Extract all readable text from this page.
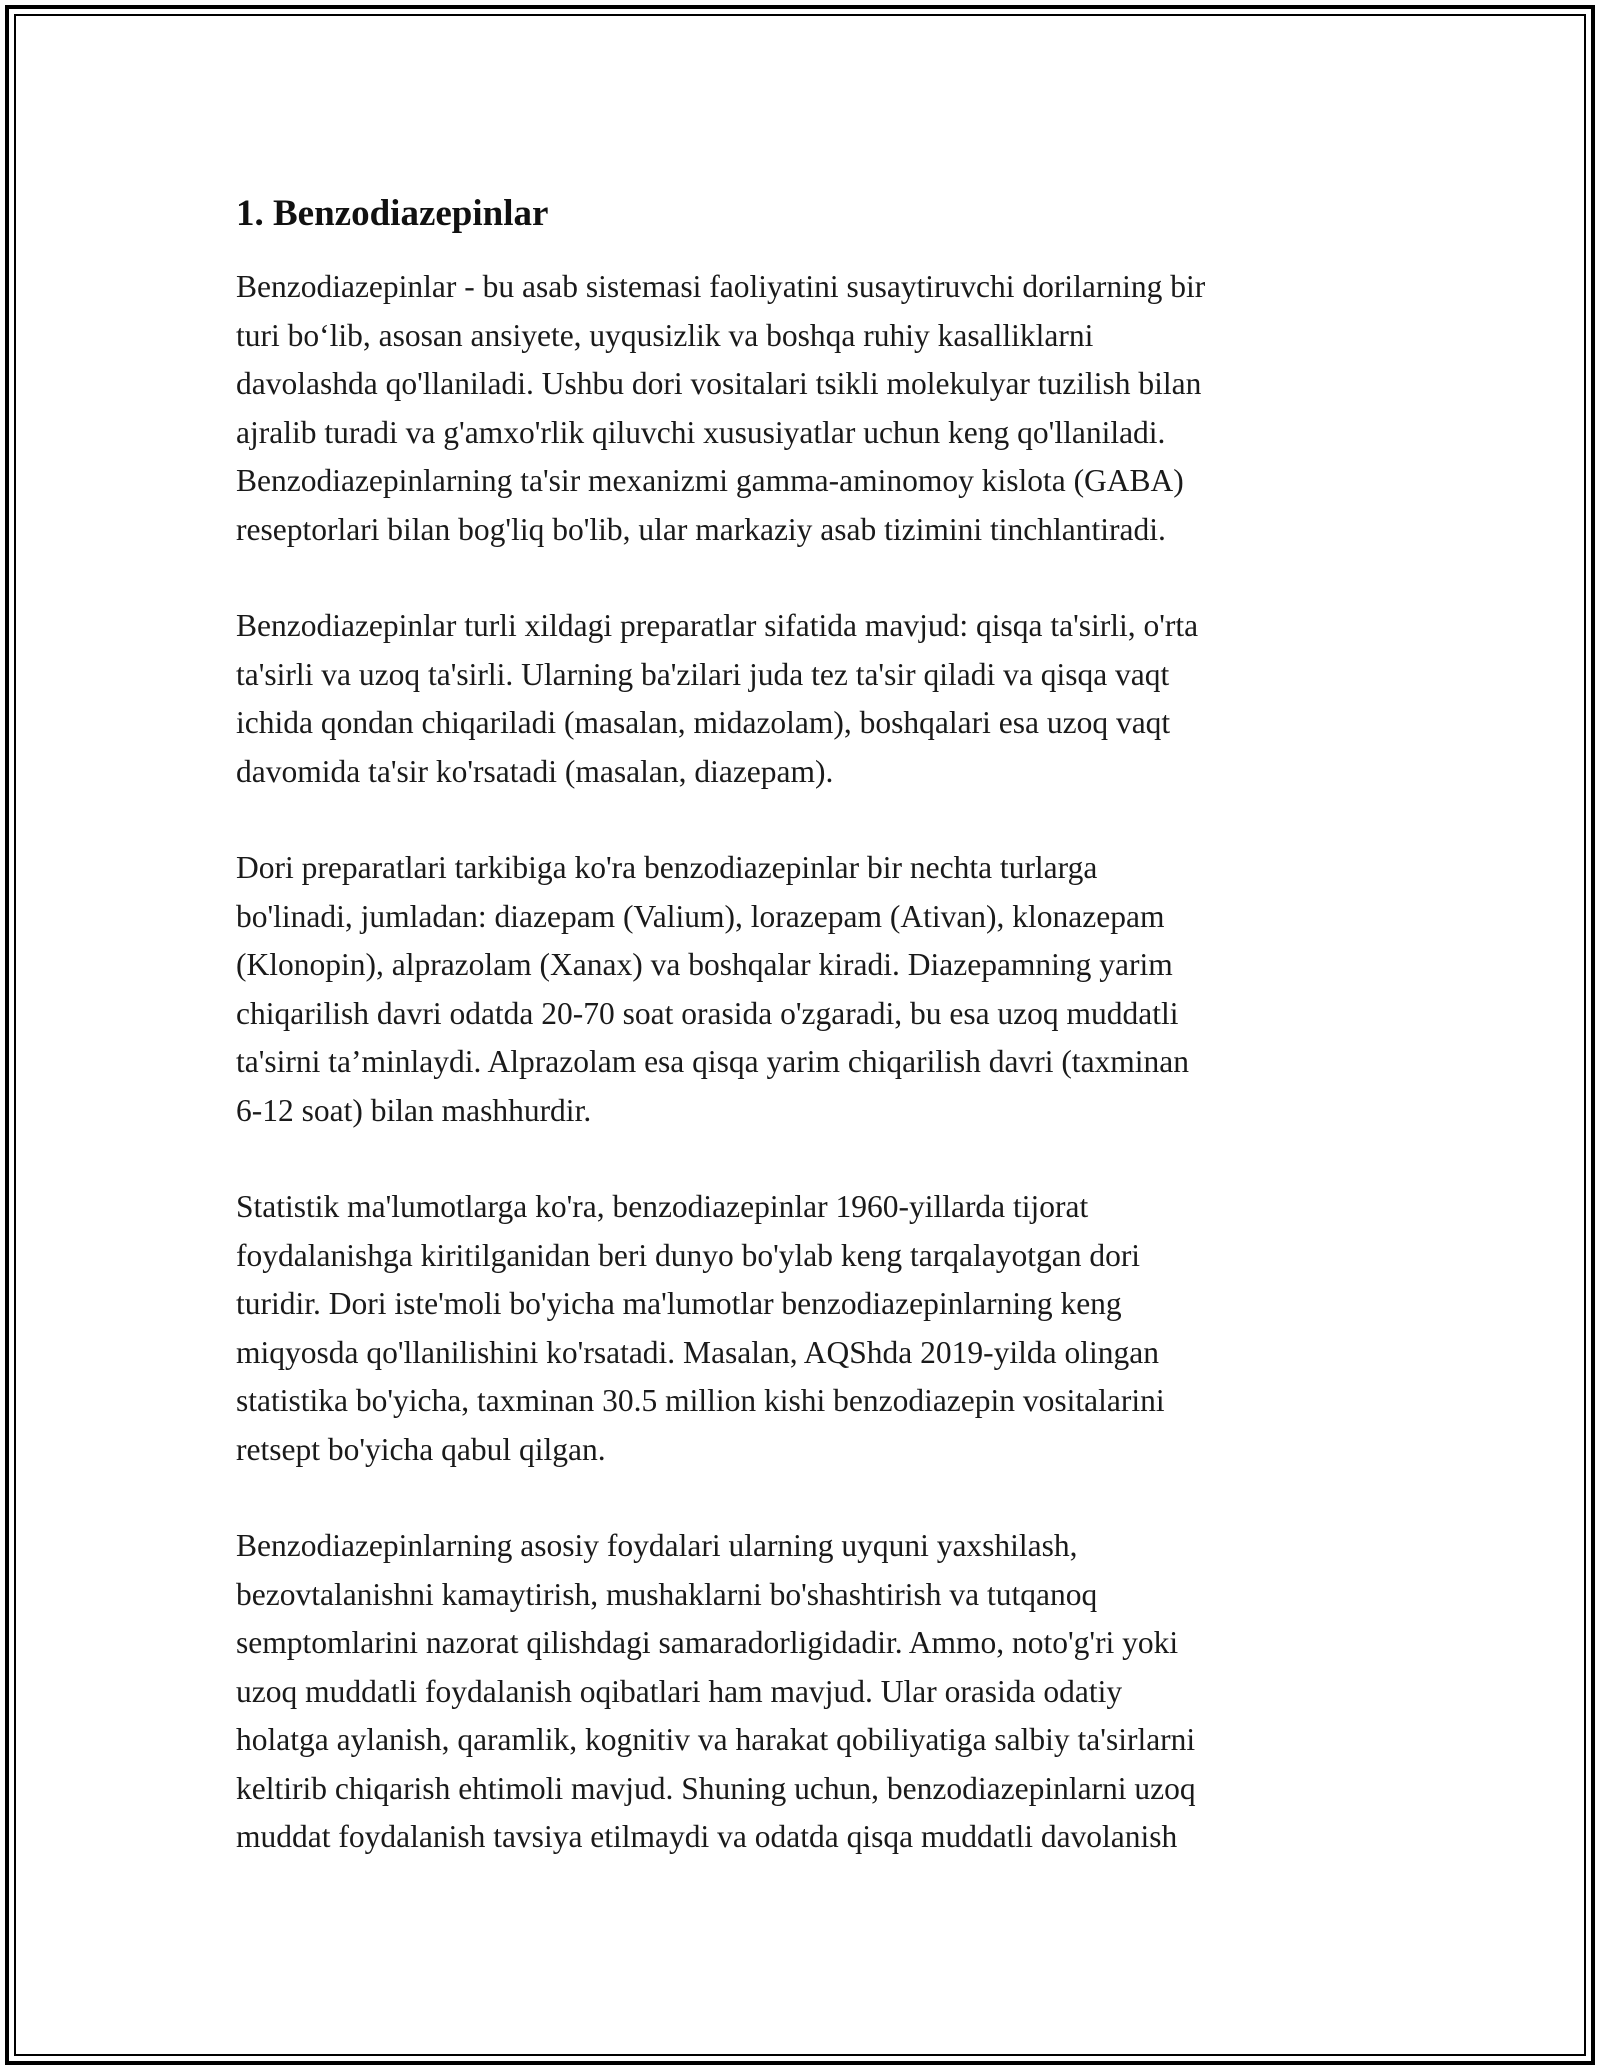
1. Benzodiazepinlar

Benzodiazepinlar - bu asab sistemasi faoliyatini susaytiruvchi dorilarning bir
turi bo‘lib, asosan ansiyete, uyqusizlik va boshqa ruhiy kasalliklarni
davolashda qo'llaniladi. Ushbu dori vositalari tsikli molekulyar tuzilish bilan
ajralib turadi va g'amxo'rlik qiluvchi xususiyatlar uchun keng qo'llaniladi.
Benzodiazepinlarning ta'sir mexanizmi gamma-aminomoy kislota (GABA)
reseptorlari bilan bog'liq bo'lib, ular markaziy asab tizimini tinchlantiradi.

Benzodiazepinlar turli xildagi preparatlar sifatida mavjud: qisqa ta'sirli, o'rta
ta'sirli va uzoq ta'sirli. Ularning ba'zilari juda tez ta'sir qiladi va qisqa vaqt
ichida qondan chiqariladi (masalan, midazolam), boshqalari esa uzoq vaqt
davomida ta'sir ko'rsatadi (masalan, diazepam).

Dori preparatlari tarkibiga ko'ra benzodiazepinlar bir nechta turlarga
bo'linadi, jumladan: diazepam (Valium), lorazepam (Ativan), klonazepam
(Klonopin), alprazolam (Xanax) va boshqalar kiradi. Diazepamning yarim
chiqarilish davri odatda 20-70 soat orasida o'zgaradi, bu esa uzoq muddatli
ta'sirni ta’minlaydi. Alprazolam esa qisqa yarim chiqarilish davri (taxminan
6-12 soat) bilan mashhurdir.

Statistik ma'lumotlarga ko'ra, benzodiazepinlar 1960-yillarda tijorat
foydalanishga kiritilganidan beri dunyo bo'ylab keng tarqalayotgan dori
turidir. Dori iste'moli bo'yicha ma'lumotlar benzodiazepinlarning keng
miqyosda qo'llanilishini ko'rsatadi. Masalan, AQShda 2019-yilda olingan
statistika bo'yicha, taxminan 30.5 million kishi benzodiazepin vositalarini
retsept bo'yicha qabul qilgan.

Benzodiazepinlarning asosiy foydalari ularning uyquni yaxshilash,
bezovtalanishni kamaytirish, mushaklarni bo'shashtirish va tutqanoq
semptomlarini nazorat qilishdagi samaradorligidadir. Ammo, noto'g'ri yoki
uzoq muddatli foydalanish oqibatlari ham mavjud. Ular orasida odatiy
holatga aylanish, qaramlik, kognitiv va harakat qobiliyatiga salbiy ta'sirlarni
keltirib chiqarish ehtimoli mavjud. Shuning uchun, benzodiazepinlarni uzoq
muddat foydalanish tavsiya etilmaydi va odatda qisqa muddatli davolanish
